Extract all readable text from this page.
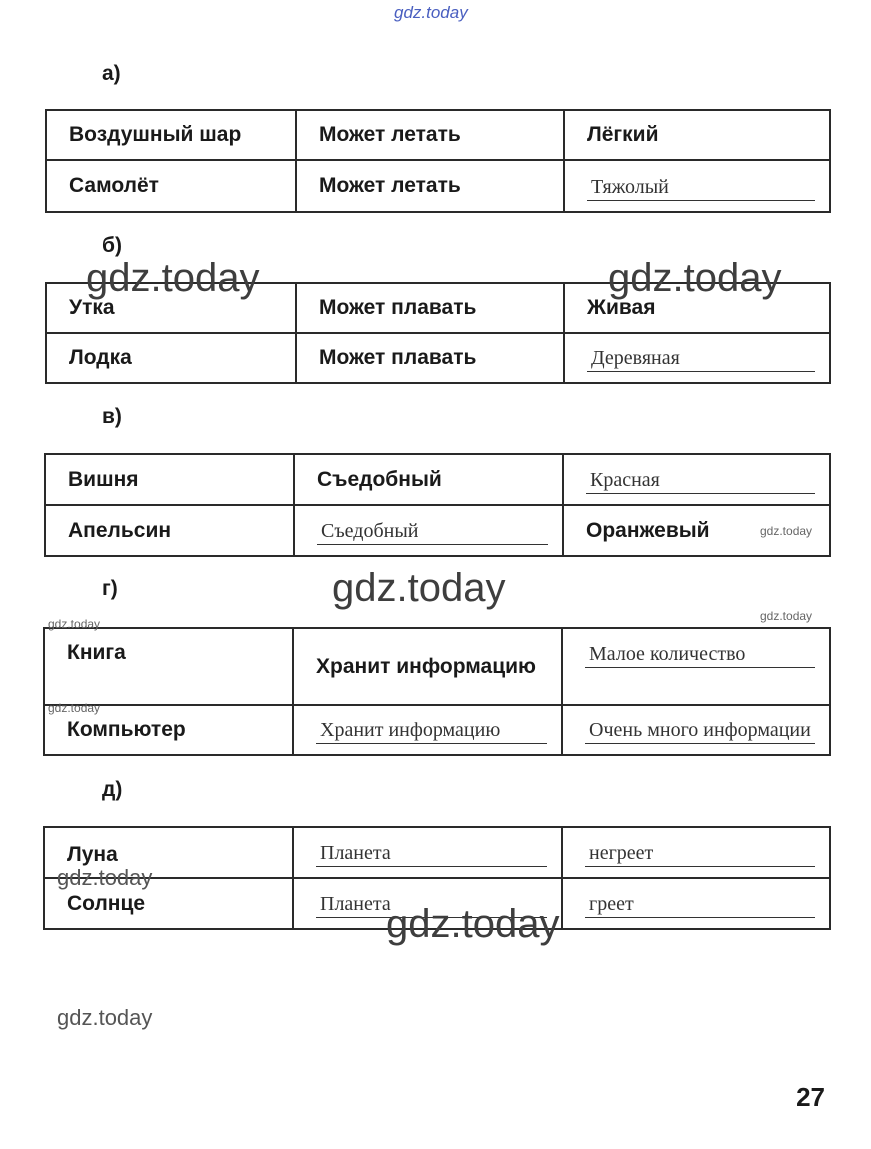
gdz.today
а)
Воздушный шар	Может летать	Лёгкий
Самолёт	Может летать	Тяжолый
б)
Утка	Может плавать	Живая
Лодка	Может плавать	Деревяная
в)
Вишня	Съедобный	Красная

Апельсин	Съедобный	Оранжевый
г)
Книга	Хранит информацию	Малое количество

Компьютер	Хранит информацию	Очень много информации
д)
Луна	Планета	негреет

Солнце	Планета	греет
gdz.today	gdz.today
gdz.today
gdz.today
gdz.today
gdz.today
gdz.today
gdz.today
gdz.today
gdz.today
27
